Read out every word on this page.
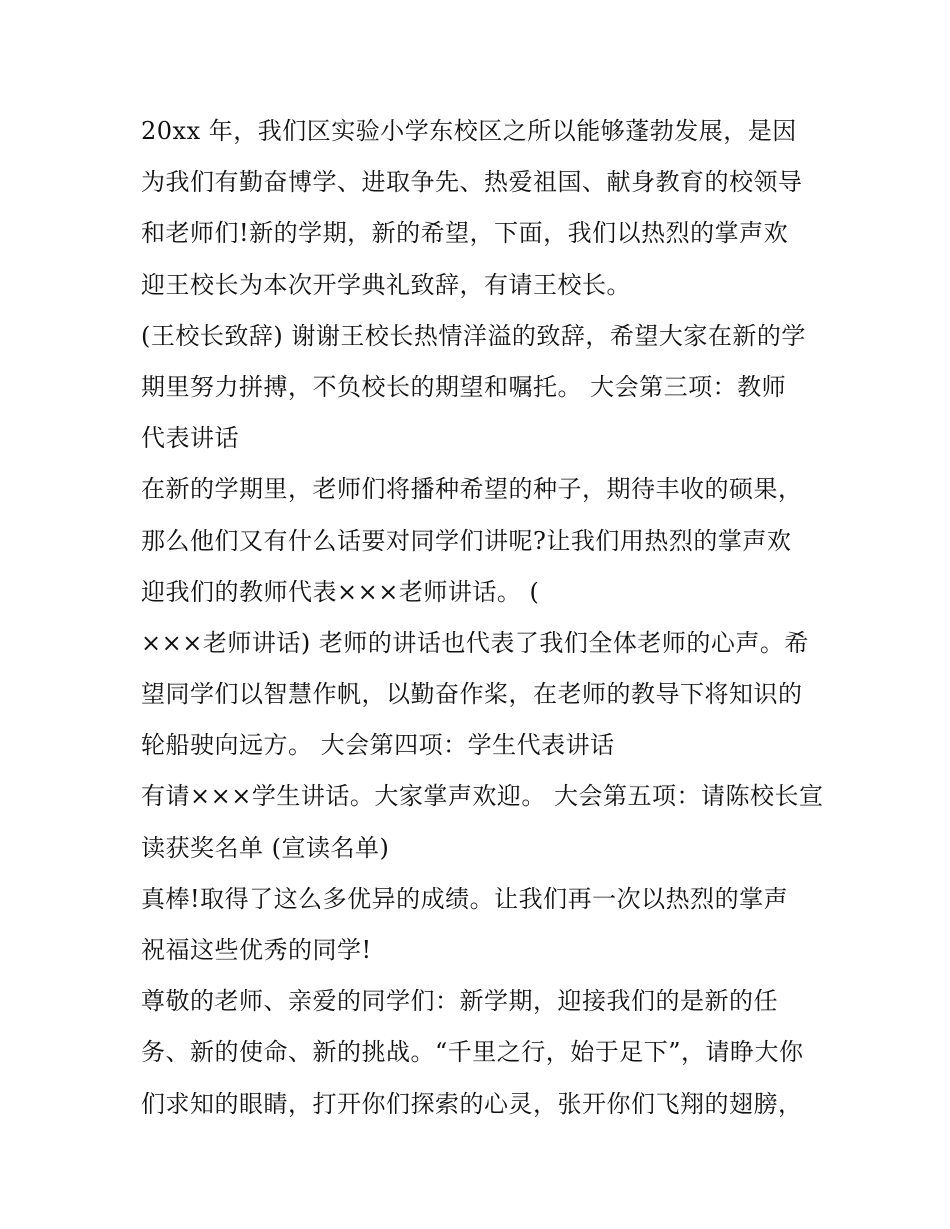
20xx 年，我们区实验小学东校区之所以能够蓬勃发展，是因
为我们有勤奋博学、进取争先、热爱祖国、献身教育的校领导
和老师们!新的学期，新的希望，下面，我们以热烈的掌声欢
迎王校长为本次开学典礼致辞，有请王校长。
(王校长致辞) 谢谢王校长热情洋溢的致辞，希望大家在新的学
期里努力拼搏，不负校长的期望和嘱托。 大会第三项：教师
代表讲话
在新的学期里，老师们将播种希望的种子，期待丰收的硕果，
那么他们又有什么话要对同学们讲呢?让我们用热烈的掌声欢
迎我们的教师代表×××老师讲话。 (
×××老师讲话) 老师的讲话也代表了我们全体老师的心声。希
望同学们以智慧作帆，以勤奋作桨，在老师的教导下将知识的
轮船驶向远方。 大会第四项：学生代表讲话
有请×××学生讲话。大家掌声欢迎。 大会第五项：请陈校长宣
读获奖名单 (宣读名单)
真棒!取得了这么多优异的成绩。让我们再一次以热烈的掌声
祝福这些优秀的同学!
尊敬的老师、亲爱的同学们：新学期，迎接我们的是新的任
务、新的使命、新的挑战。“千里之行，始于足下”，请睁大你
们求知的眼睛，打开你们探索的心灵，张开你们飞翔的翅膀，
